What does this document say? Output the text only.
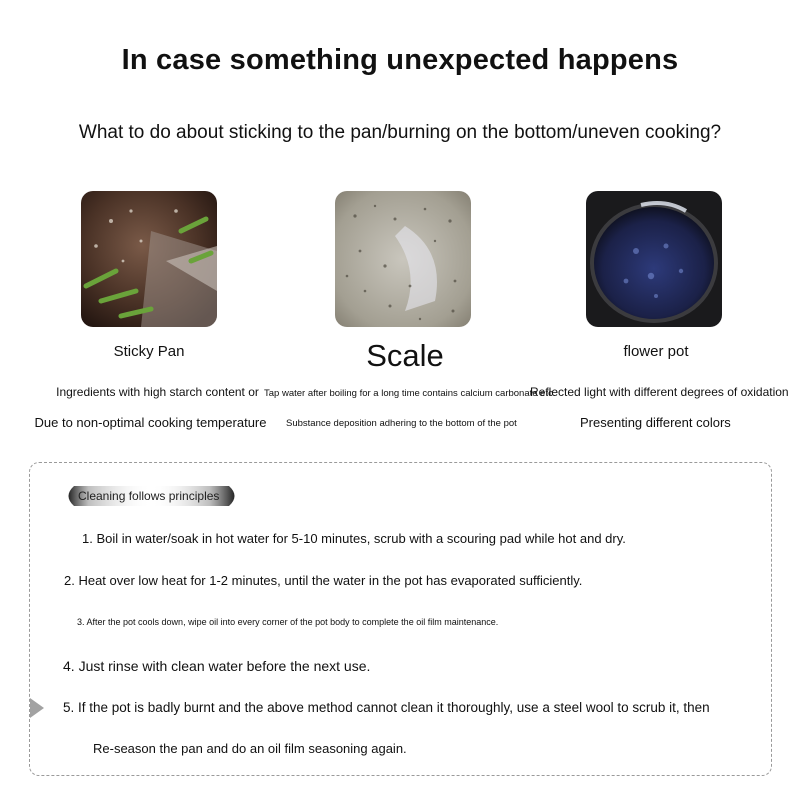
In case something unexpected happens
What to do about sticking to the pan/burning on the bottom/uneven cooking?
Sticky Pan	Scale	flower pot
Ingredients with high starch content or
Due to non-optimal cooking temperature
Tap water after boiling for a long time contains calcium carbonate etc.
Substance deposition adhering to the bottom of the pot
Reflected light with different degrees of oxidation
Presenting different colors
Cleaning follows principles
1. Boil in water/soak in hot water for 5-10 minutes, scrub with a scouring pad while hot and dry.
2. Heat over low heat for 1-2 minutes, until the water in the pot has evaporated sufficiently.
3. After the pot cools down, wipe oil into every corner of the pot body to complete the oil film maintenance.
4. Just rinse with clean water before the next use.
5. If the pot is badly burnt and the above method cannot clean it thoroughly, use a steel wool to scrub it, then
Re-season the pan and do an oil film seasoning again.
